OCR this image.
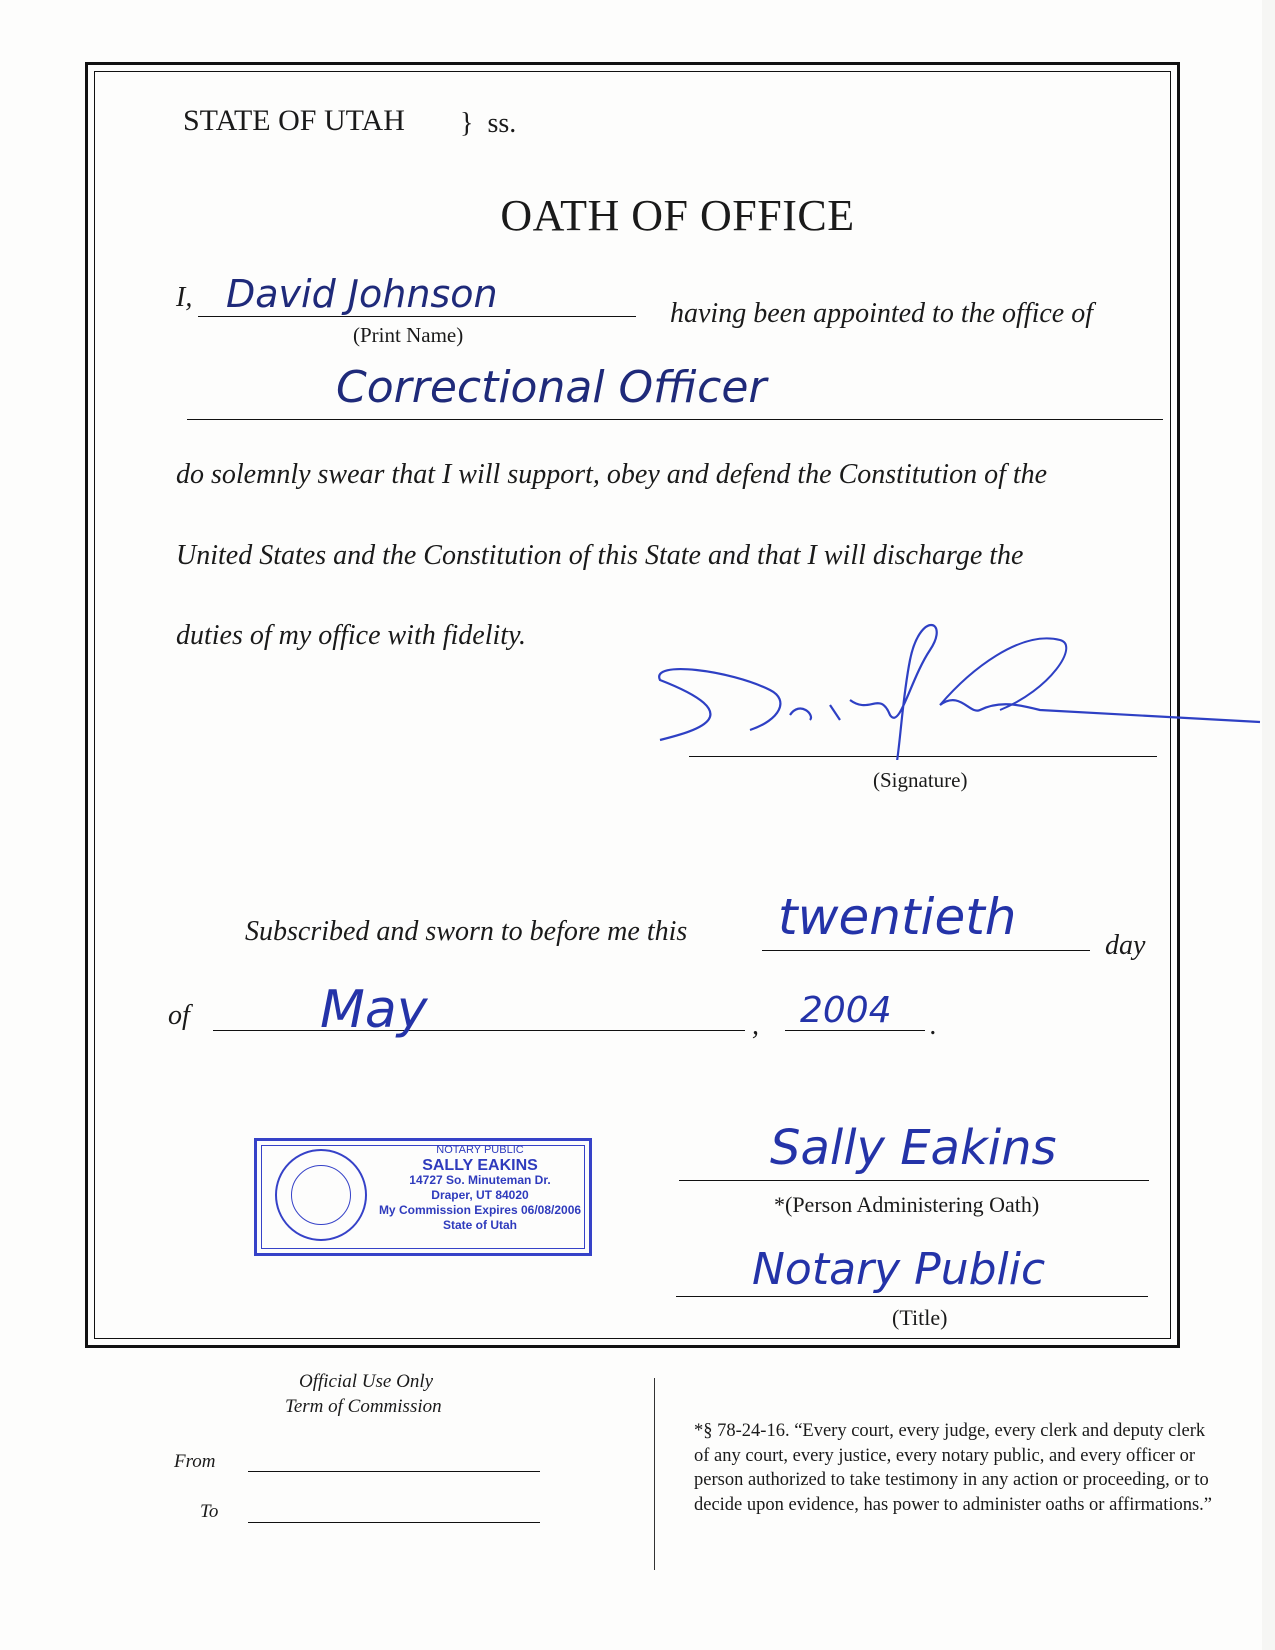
STATE OF UTAH } ss.
OATH OF OFFICE
I, David Johnson
(Print Name)
having been appointed to the office of
Correctional Officer
do solemnly swear that I will support, obey and defend the Constitution of the
United States and the Constitution of this State and that I will discharge the
duties of my office with fidelity.
(Signature)
Subscribed and sworn to before me this twentieth	day
of	May	, 2004 .
NOTARY PUBLIC
SALLY EAKINS
14727 So. Minuteman Dr.
Draper, UT 84020
My Commission Expires 06/08/2006
State of Utah
Sally Eakins
*(Person Administering Oath)
Notary Public
(Title)
Official Use Only
Term of Commission
From
To
*§ 78-24-16. “Every court, every judge, every clerk and deputy clerk of any court, every justice, every notary public, and every officer or person authorized to take testimony in any action or proceeding, or to decide upon evidence, has power to administer oaths or affirmations.”
